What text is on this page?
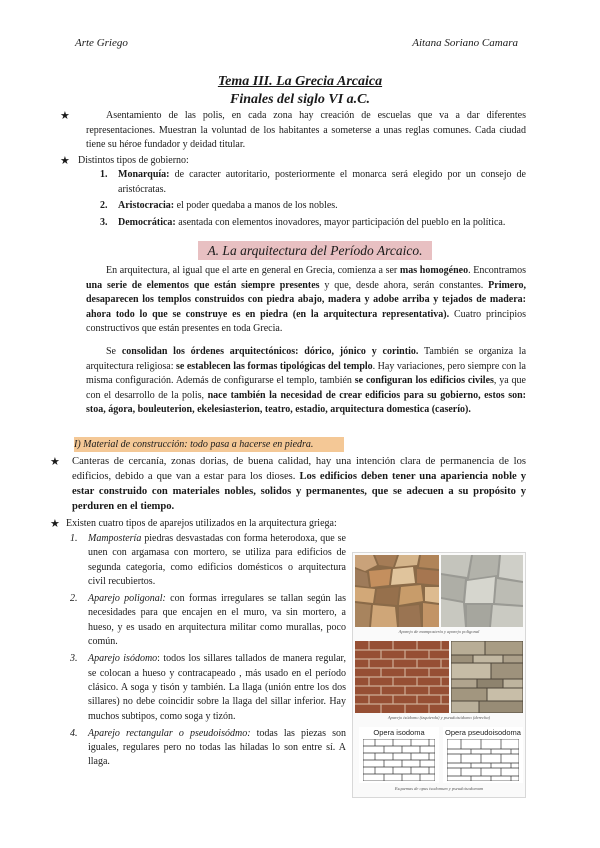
Arte Griego	Aitana Soriano Camara
Tema III. La Grecia Arcaica
Finales del siglo VI a.C.
★	Asentamiento de las polis, en cada zona hay creación de escuelas que va a dar diferentes representaciones. Muestran la voluntad de los habitantes a someterse a unas reglas comunes. Cada ciudad tiene su héroe fundador y deidad titular.
★ Distintos tipos de gobierno:
1. Monarquía: de caracter autoritario, posteriormente el monarca será elegido por un consejo de aristócratas.
2. Aristocracia: el poder quedaba a manos de los nobles.
3. Democrática: asentada con elementos inovadores, mayor participación del pueblo en la política.
A. La arquitectura del Período Arcaico.
En arquitectura, al igual que el arte en general en Grecia, comienza a ser mas homogéneo. Encontramos una serie de elementos que están siempre presentes y que, desde ahora, serán constantes. Primero, desaparecen los templos construidos con piedra abajo, madera y adobe arriba y tejados de madera: ahora todo lo que se construye es en piedra (en la arquitectura representativa). Cuatro principios constructivos que están presentes en toda Grecia.
Se consolidan los órdenes arquitectónicos: dórico, jónico y corintio. También se organiza la arquitectura religiosa: se establecen las formas tipológicas del templo. Hay variaciones, pero siempre con la misma configuración. Además de configurarse el templo, también se configuran los edificios civiles, ya que con el desarrollo de la polis, nace también la necesidad de crear edificios para su gobierno, estos son: stoa, ágora, bouleuterion, ekelesiasterion, teatro, estadio, arquitectura domestica (caserío).
I) Material de construcción: todo pasa a hacerse en piedra.
★ Canteras de cercanía, zonas dorias, de buena calidad, hay una intención clara de permanencia de los edificios, debido a que van a estar para los dioses. Los edificios deben tener una apariencia noble y estar construido con materiales nobles, solidos y permanentes, que se adecuen a su propósito y perduren en el tiempo.
★ Existen cuatro tipos de aparejos utilizados en la arquitectura griega:
1. Mampostería piedras desvastadas con forma heterodoxa, que se unen con argamasa con mortero, se utiliza para edificios de segunda categoria, como edificios domésticos o arquitectura civil recubiertos.
2. Aparejo poligonal: con formas irregulares se tallan según las necesidades para que encajen en el muro, va sin mortero, a hueso, y es usado en arquitectura militar como murallas, poco común.
3. Aparejo isódomo: todos los sillares tallados de manera regular, se colocan a hueso y contracapeado , más usado en el período clásico. A soga y tisón y también. La llaga (unión entre los dos sillares) no debe coincidir sobre la llaga del sillar inferior. Hay muchos subtipos, como soga y tizón.
4. Aparejo rectangular o pseudoisódmo: todas las piezas son iguales, regulares pero no todas las hiladas lo son entre sí. A llaga.
Aparejo de mampostería y aparejo poligonal
Aparejo isódomo (izquierda) y pseudoisódomo (derecha)
Opera isodoma	Opera pseudoisodoma
Esquemas de opus isodomum y pseudoisodomum
